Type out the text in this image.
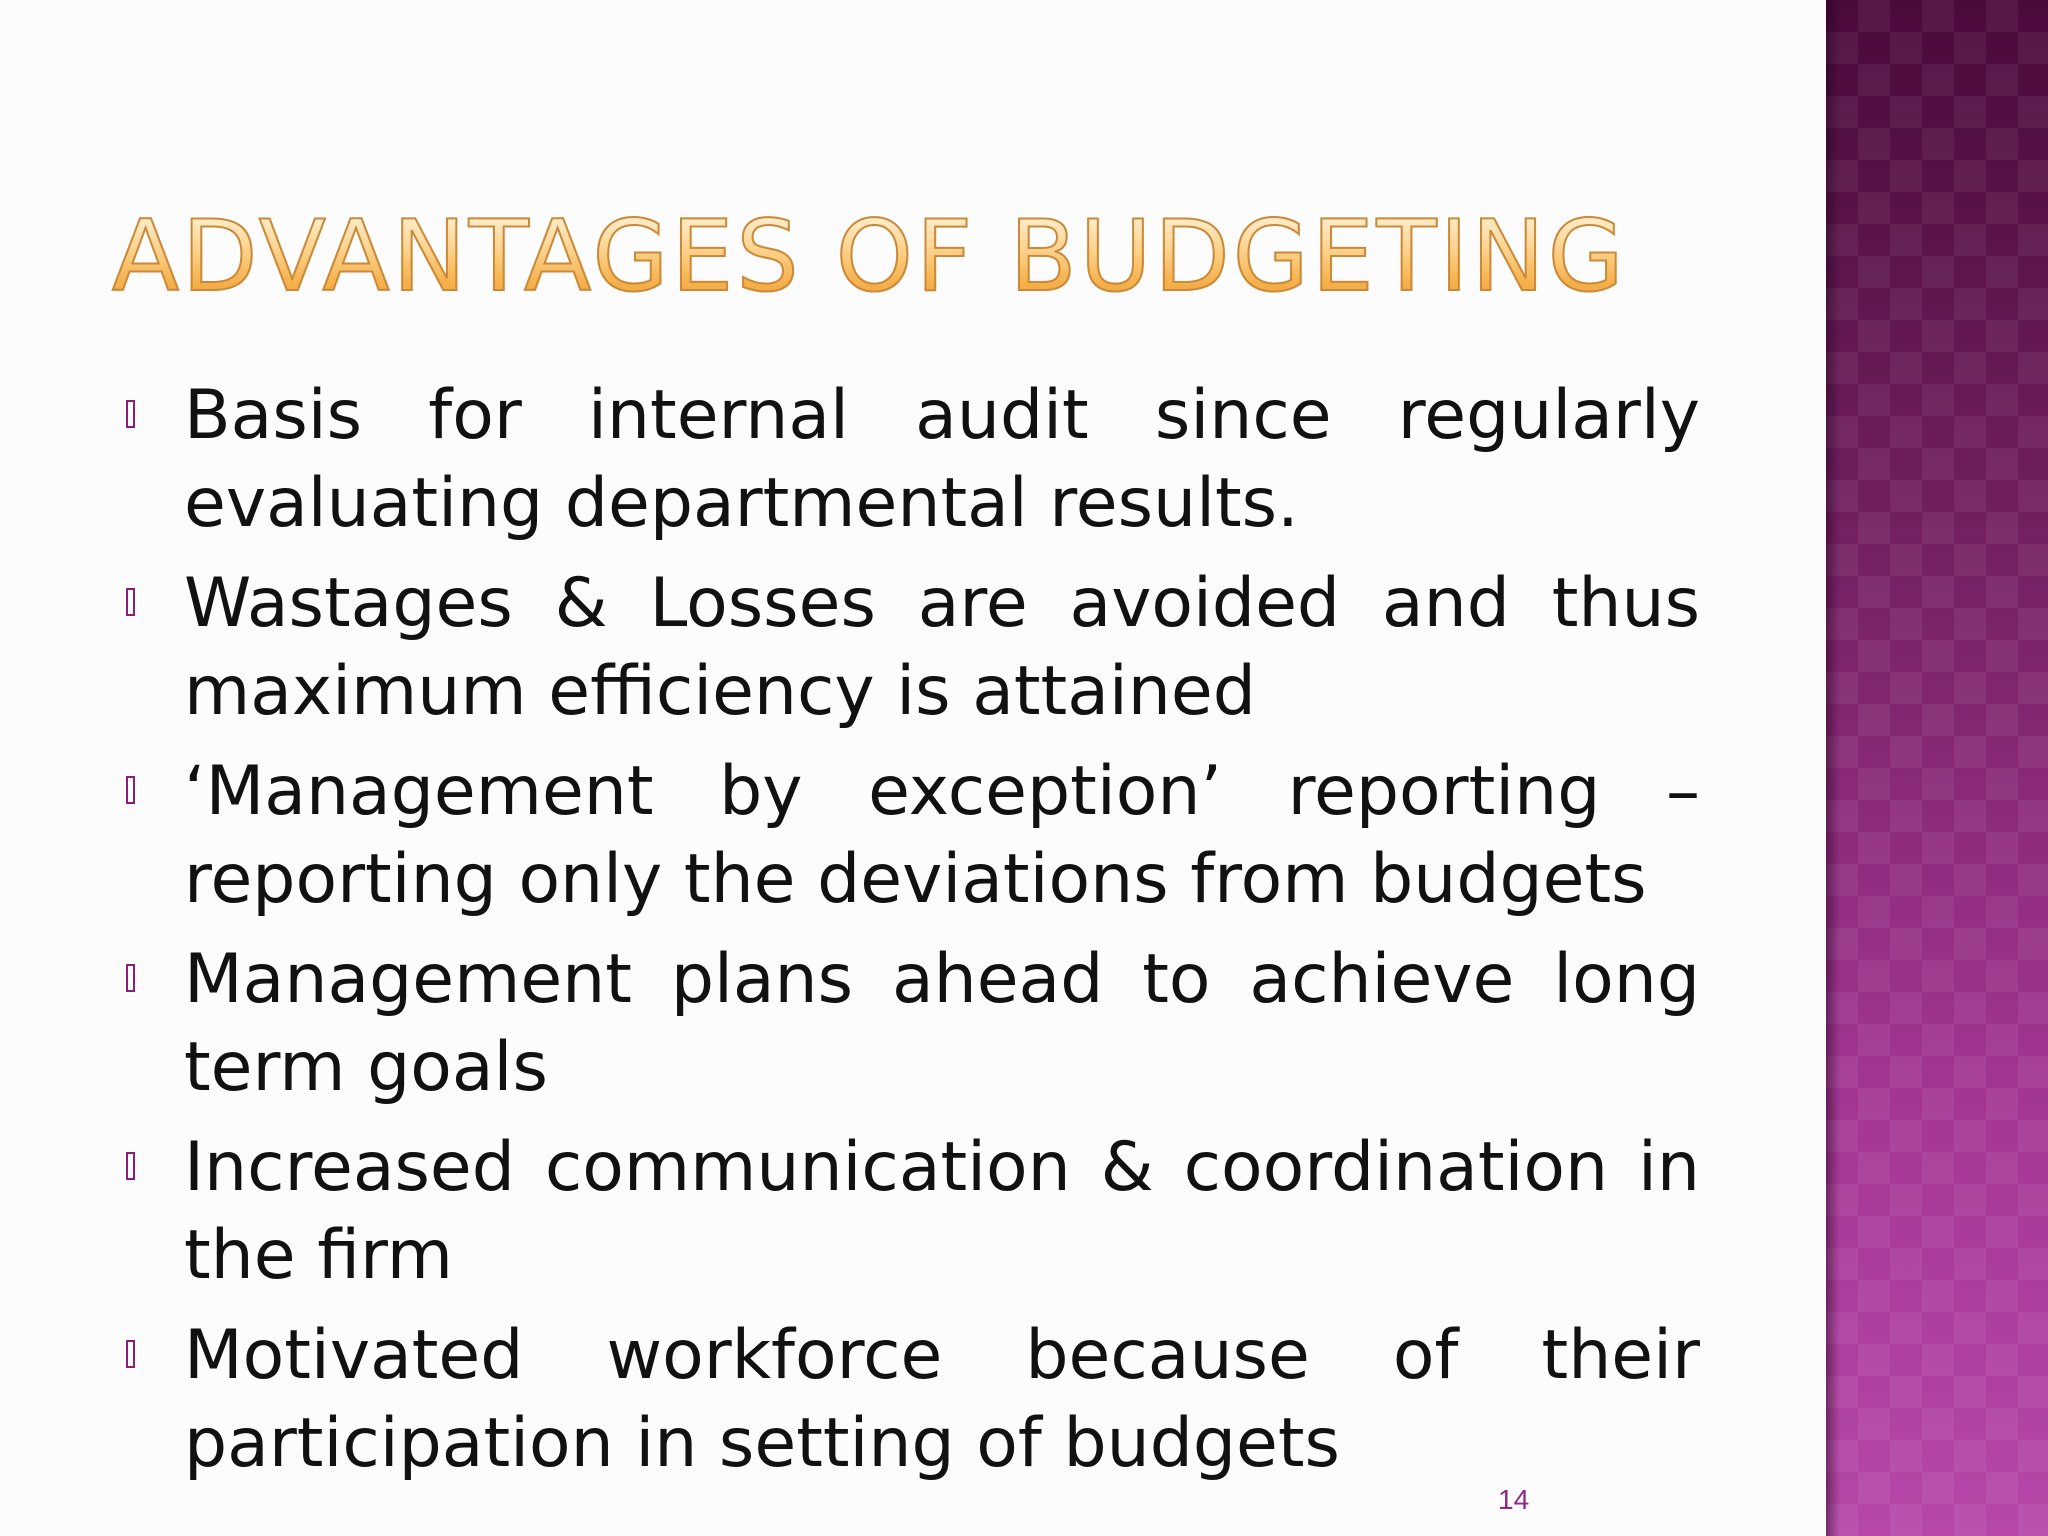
ADVANTAGES OF BUDGETING
Basis for internal audit since regularly evaluating departmental results.
Wastages & Losses are avoided and thus maximum efficiency is attained
‘Management by exception’ reporting – reporting only the deviations from budgets
Management plans ahead to achieve long term goals
Increased communication & coordination in the firm
Motivated workforce because of their participation in setting of budgets
14
